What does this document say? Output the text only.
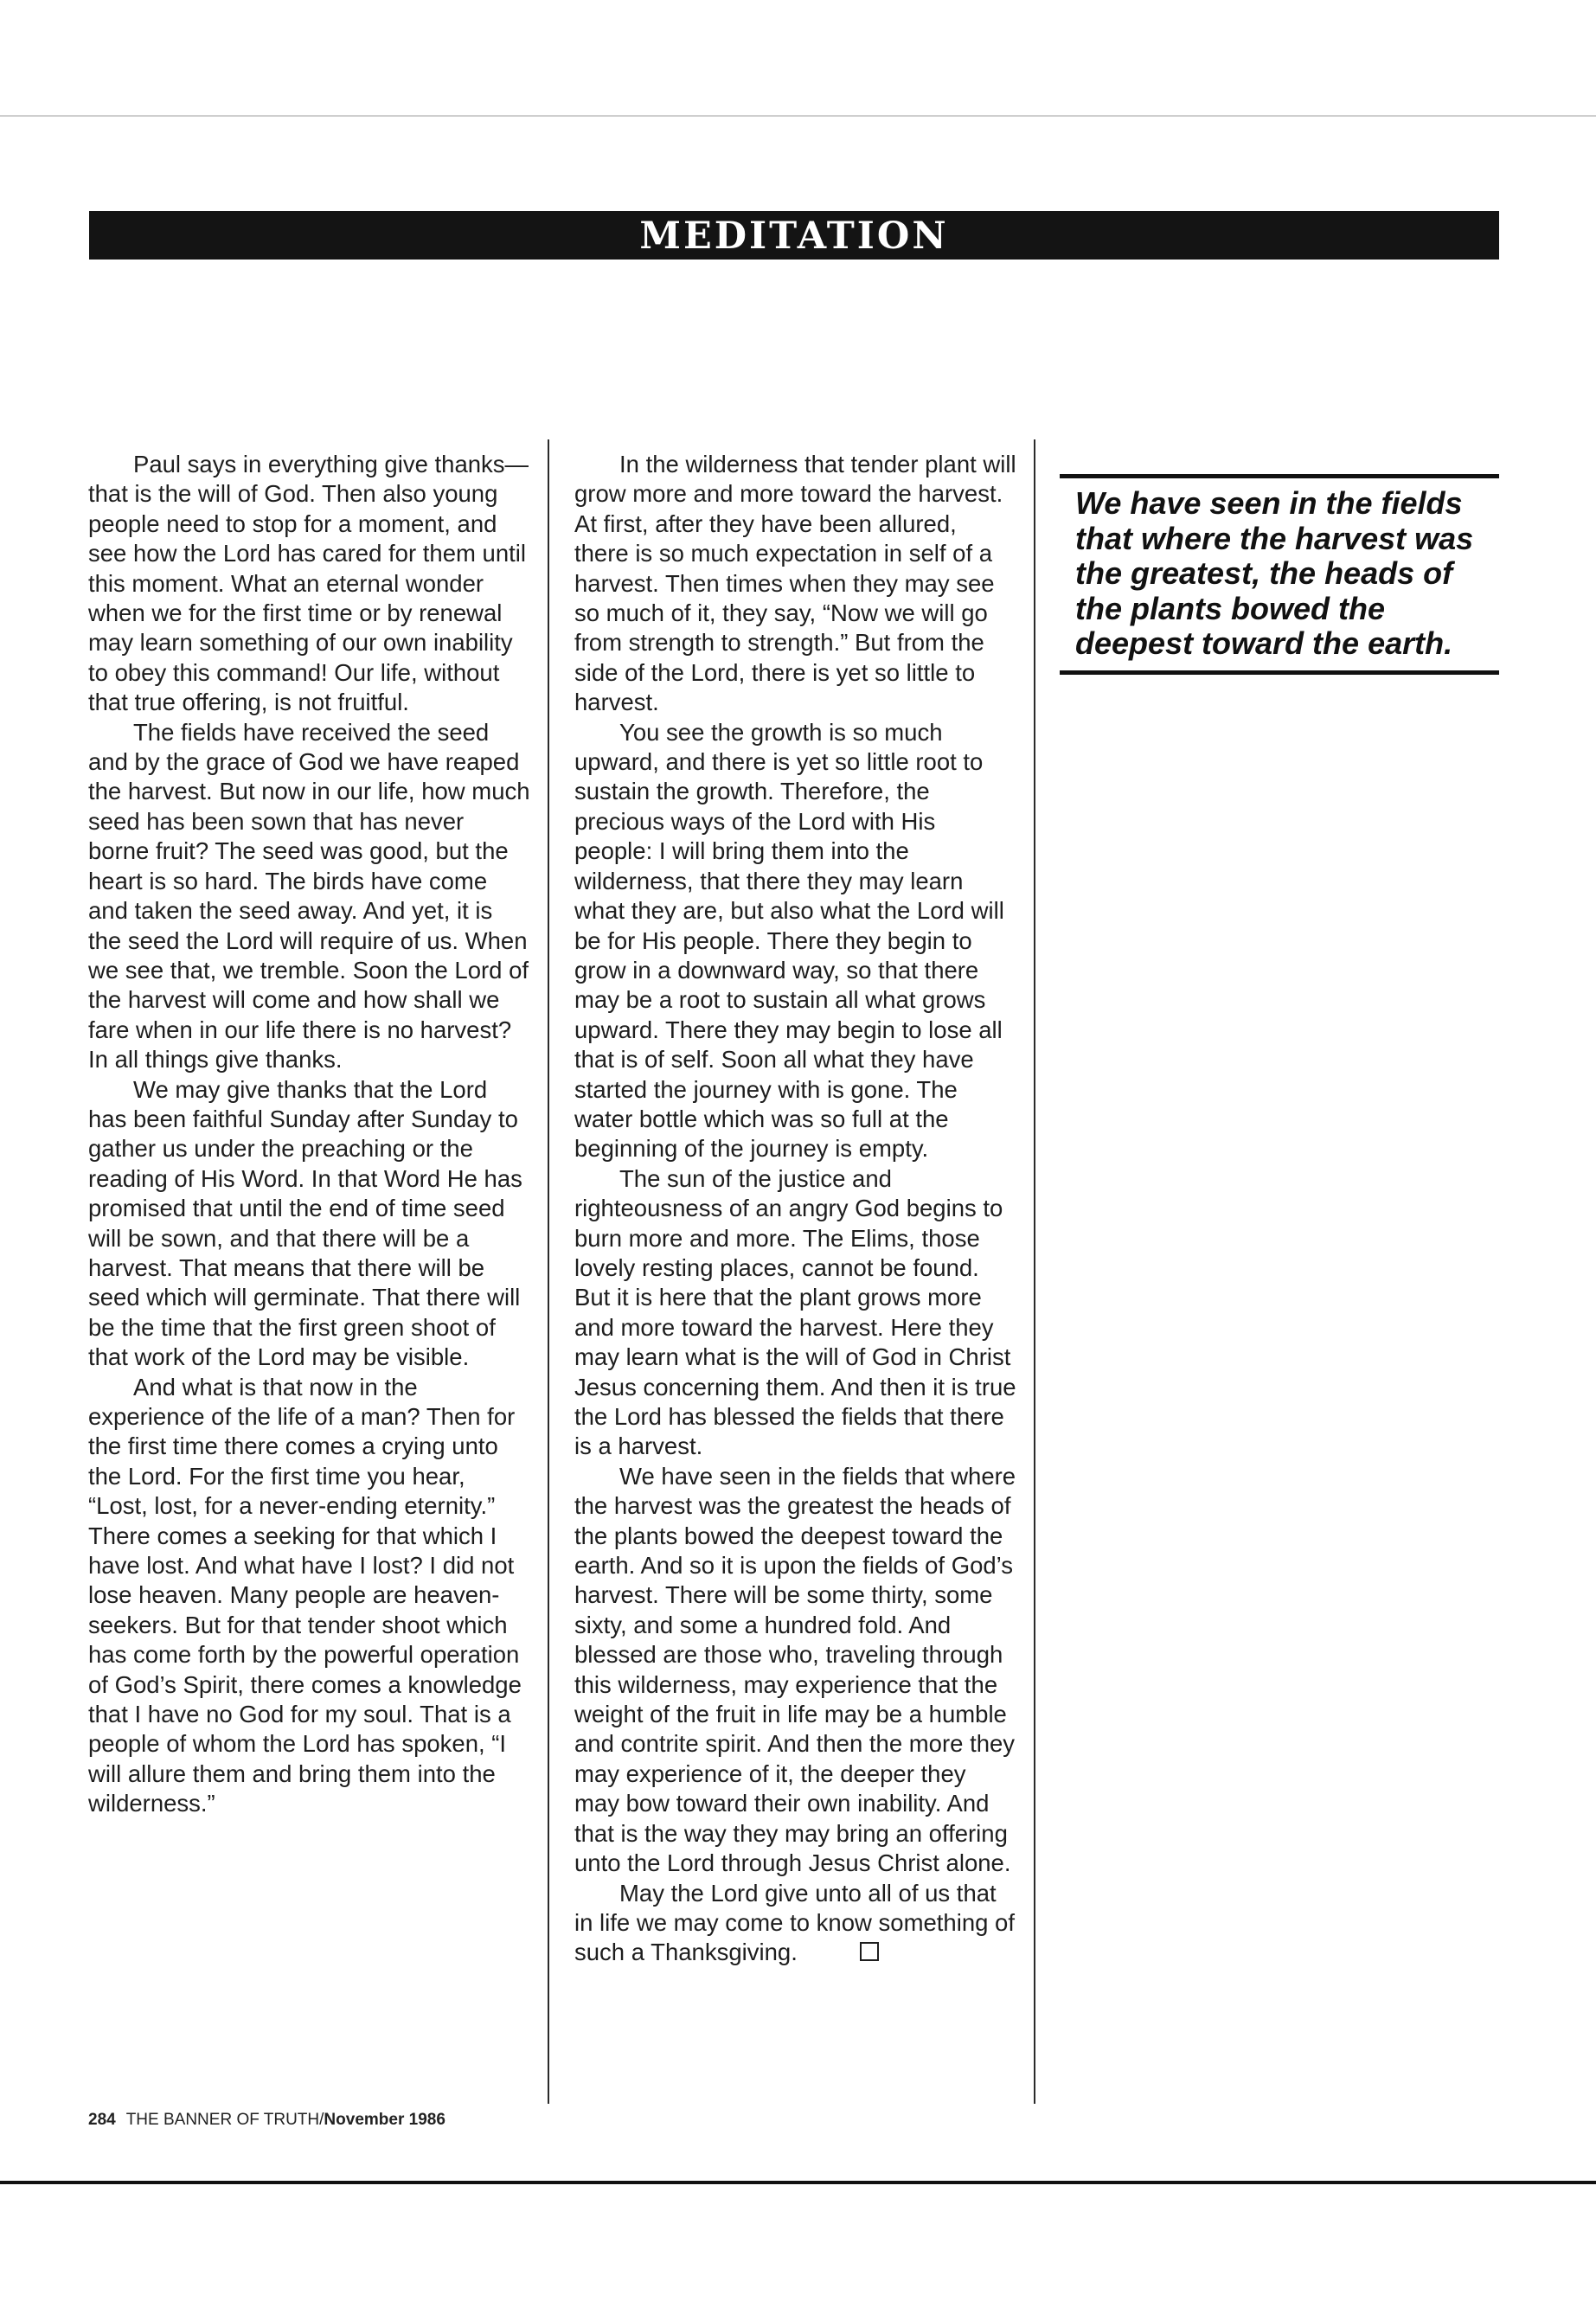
MEDITATION

Paul says in everything give thanks— that is the will of God. Then also young people need to stop for a moment, and see how the Lord has cared for them until this moment. What an eternal wonder when we for the first time or by renewal may learn something of our own inability to obey this command! Our life, without that true offering, is not fruitful.

The fields have received the seed and by the grace of God we have reaped the harvest. But now in our life, how much seed has been sown that has never borne fruit? The seed was good, but the heart is so hard. The birds have come and taken the seed away. And yet, it is the seed the Lord will require of us. When we see that, we tremble. Soon the Lord of the harvest will come and how shall we fare when in our life there is no harvest? In all things give thanks.

We may give thanks that the Lord has been faithful Sunday after Sunday to gather us under the preaching or the reading of His Word. In that Word He has promised that until the end of time seed will be sown, and that there will be a harvest. That means that there will be seed which will germinate. That there will be the time that the first green shoot of that work of the Lord may be visible.

And what is that now in the experience of the life of a man? Then for the first time there comes a crying unto the Lord. For the first time you hear, “Lost, lost, for a never-ending eternity.” There comes a seeking for that which I have lost. And what have I lost? I did not lose heaven. Many people are heaven-seekers. But for that tender shoot which has come forth by the powerful operation of God’s Spirit, there comes a knowledge that I have no God for my soul. That is a people of whom the Lord has spoken, “I will allure them and bring them into the wilderness.”

In the wilderness that tender plant will grow more and more toward the harvest. At first, after they have been allured, there is so much expectation in self of a harvest. Then times when they may see so much of it, they say, “Now we will go from strength to strength.” But from the side of the Lord, there is yet so little to harvest.

You see the growth is so much upward, and there is yet so little root to sustain the growth. Therefore, the precious ways of the Lord with His people: I will bring them into the wilderness, that there they may learn what they are, but also what the Lord will be for His people. There they begin to grow in a downward way, so that there may be a root to sustain all what grows upward. There they may begin to lose all that is of self. Soon all what they have started the journey with is gone. The water bottle which was so full at the beginning of the journey is empty.

The sun of the justice and righteousness of an angry God begins to burn more and more. The Elims, those lovely resting places, cannot be found. But it is here that the plant grows more and more toward the harvest. Here they may learn what is the will of God in Christ Jesus concerning them. And then it is true the Lord has blessed the fields that there is a harvest.

We have seen in the fields that where the harvest was the greatest the heads of the plants bowed the deepest toward the earth. And so it is upon the fields of God’s harvest. There will be some thirty, some sixty, and some a hundred fold. And blessed are those who, traveling through this wilderness, may experience that the weight of the fruit in life may be a humble and contrite spirit. And then the more they may experience of it, the deeper they may bow toward their own inability. And that is the way they may bring an offering unto the Lord through Jesus Christ alone.

May the Lord give unto all of us that in life we may come to know something of such a Thanksgiving.

We have seen in the fields that where the harvest was the greatest, the heads of the plants bowed the deepest toward the earth.

284 THE BANNER OF TRUTH/November 1986
